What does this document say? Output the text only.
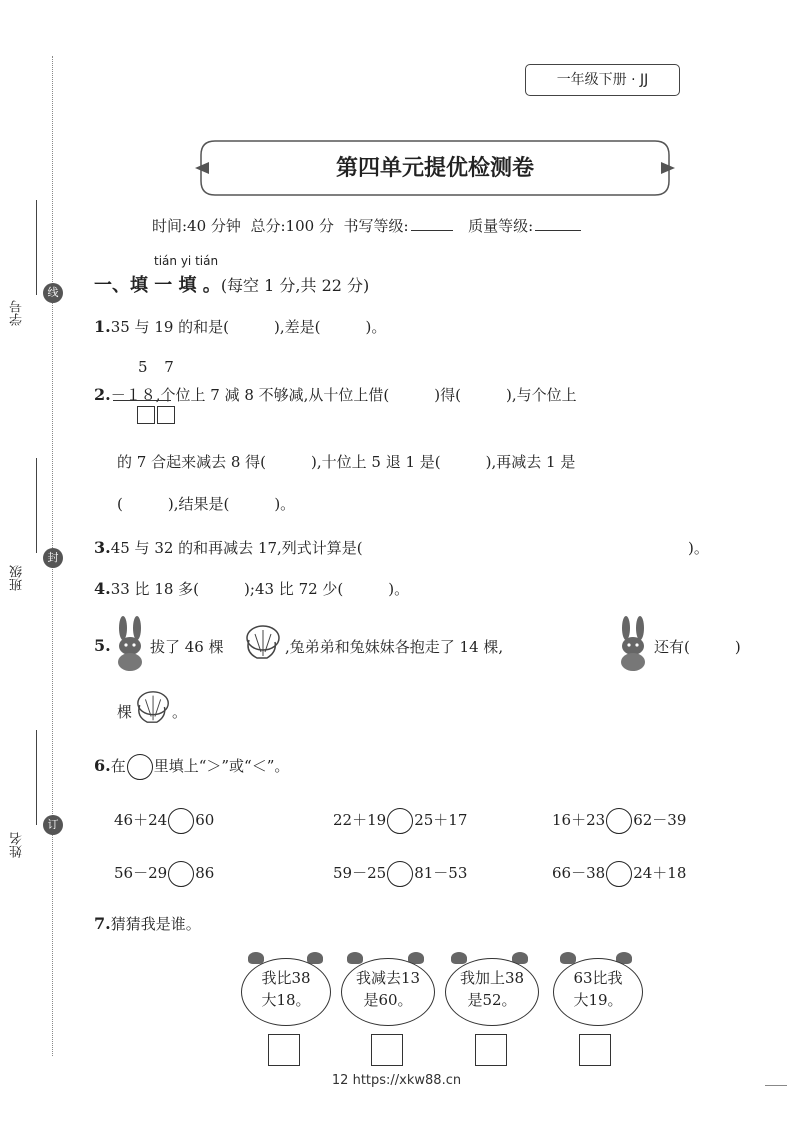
学号
线
班级
封
姓名
订
一年级下册 · JJ
第四单元提优检测卷
时间:40 分钟 总分:100 分 书写等级:	质量等级:
tián yi tián
一、填 一 填 。(每空 1 分,共 22 分)
1.35 与 19 的和是(　　　),差是(　　　)。
5 7
2.－１８,个位上 7 减 8 不够减,从十位上借(　　　)得(　　　),与个位上
的 7 合起来减去 8 得(　　　),十位上 5 退 1 是(　　　),再减去 1 是
(　　　),结果是(　　　)。
3.45 与 32 的和再减去 17,列式计算是(	)。
4.33 比 18 多(　　　);43 比 72 少(　　　)。
5.	拔了 46 棵	,兔弟弟和兔妹妹各抱走了 14 棵,	还有(　　　)
棵	。
6.在 里填上“＞”或“＜”。
46＋24 60	22＋19 25＋17	16＋23 62－39
56－29 86	59－25 81－53	66－38 24＋18
7.猜猜我是谁。
我比38
大18。
我减去13
是60。
我加上38
是52。
63比我
大19。
12 https://xkw88.cn
